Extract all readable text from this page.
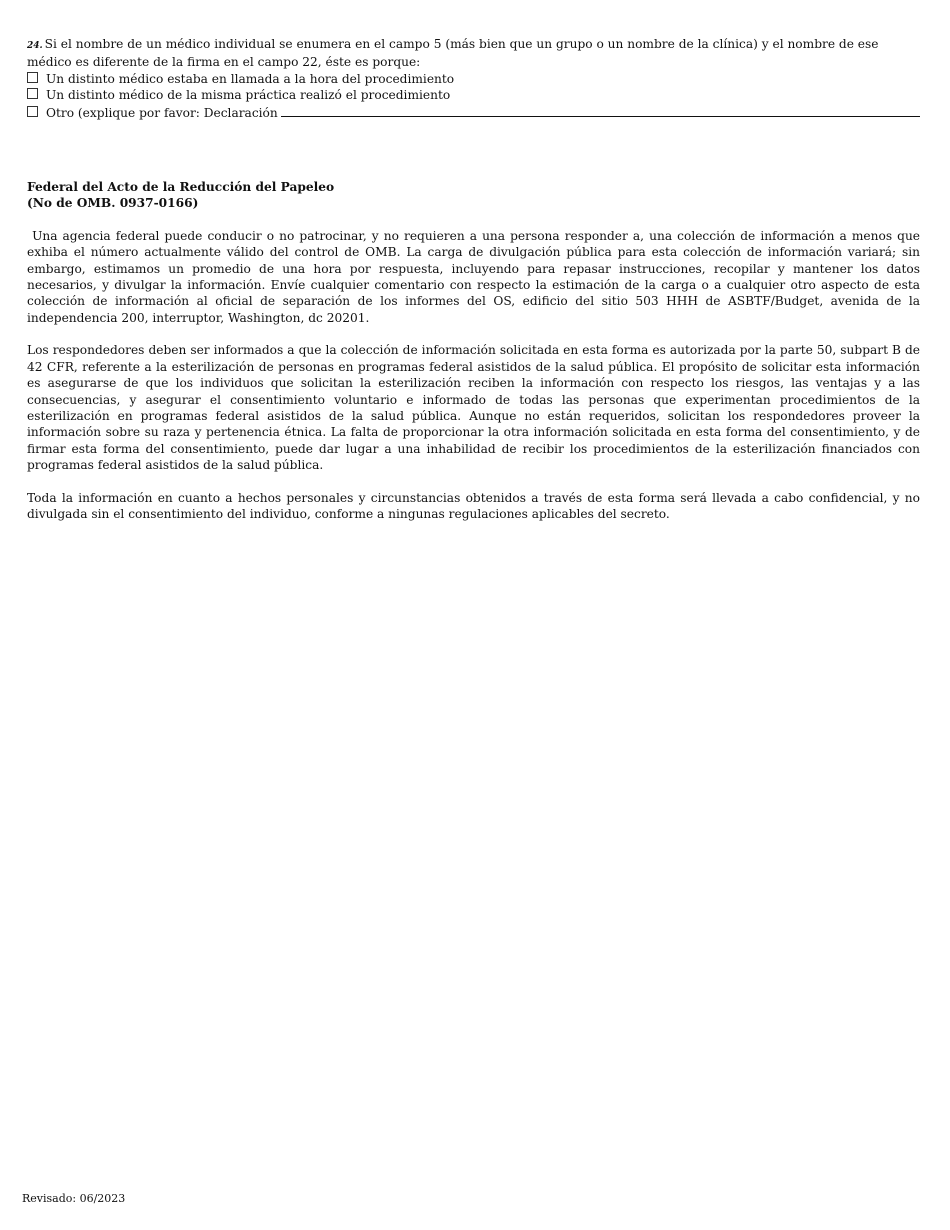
24. Si el nombre de un médico individual se enumera en el campo 5 (más bien que un grupo o un nombre de la clínica) y el nombre de ese médico es diferente de la firma en el campo 22, éste es porque:

Un distinto médico estaba en llamada a la hora del procedimiento
Un distinto médico de la misma práctica realizó el procedimiento
Otro (explique por favor: Declaración

Federal del Acto de la Reducción del Papeleo
(No de OMB. 0937-0166)

Una agencia federal puede conducir o no patrocinar, y no requieren a una persona responder a, una colección de información a menos que exhiba el número actualmente válido del control de OMB. La carga de divulgación pública para esta colección de información variará; sin embargo, estimamos un promedio de una hora por respuesta, incluyendo para repasar instrucciones, recopilar y mantener los datos necesarios, y divulgar la información. Envíe cualquier comentario con respecto la estimación de la carga o a cualquier otro aspecto de esta colección de información al oficial de separación de los informes del OS, edificio del sitio 503 HHH de ASBTF/Budget, avenida de la independencia 200, interruptor, Washington, dc 20201.

Los respondedores deben ser informados a que la colección de información solicitada en esta forma es autorizada por la parte 50, subpart B de 42 CFR, referente a la esterilización de personas en programas federal asistidos de la salud pública. El propósito de solicitar esta información es asegurarse de que los individuos que solicitan la esterilización reciben la información con respecto los riesgos, las ventajas y a las consecuencias, y asegurar el consentimiento voluntario e informado de todas las personas que experimentan procedimientos de la esterilización en programas federal asistidos de la salud pública. Aunque no están requeridos, solicitan los respondedores proveer la información sobre su raza y pertenencia étnica. La falta de proporcionar la otra información solicitada en esta forma del consentimiento, y de firmar esta forma del consentimiento, puede dar lugar a una inhabilidad de recibir los procedimientos de la esterilización financiados con programas federal asistidos de la salud pública.

Toda la información en cuanto a hechos personales y circunstancias obtenidos a través de esta forma será llevada a cabo confidencial, y no divulgada sin el consentimiento del individuo, conforme a ningunas regulaciones aplicables del secreto.

Revisado: 06/2023
